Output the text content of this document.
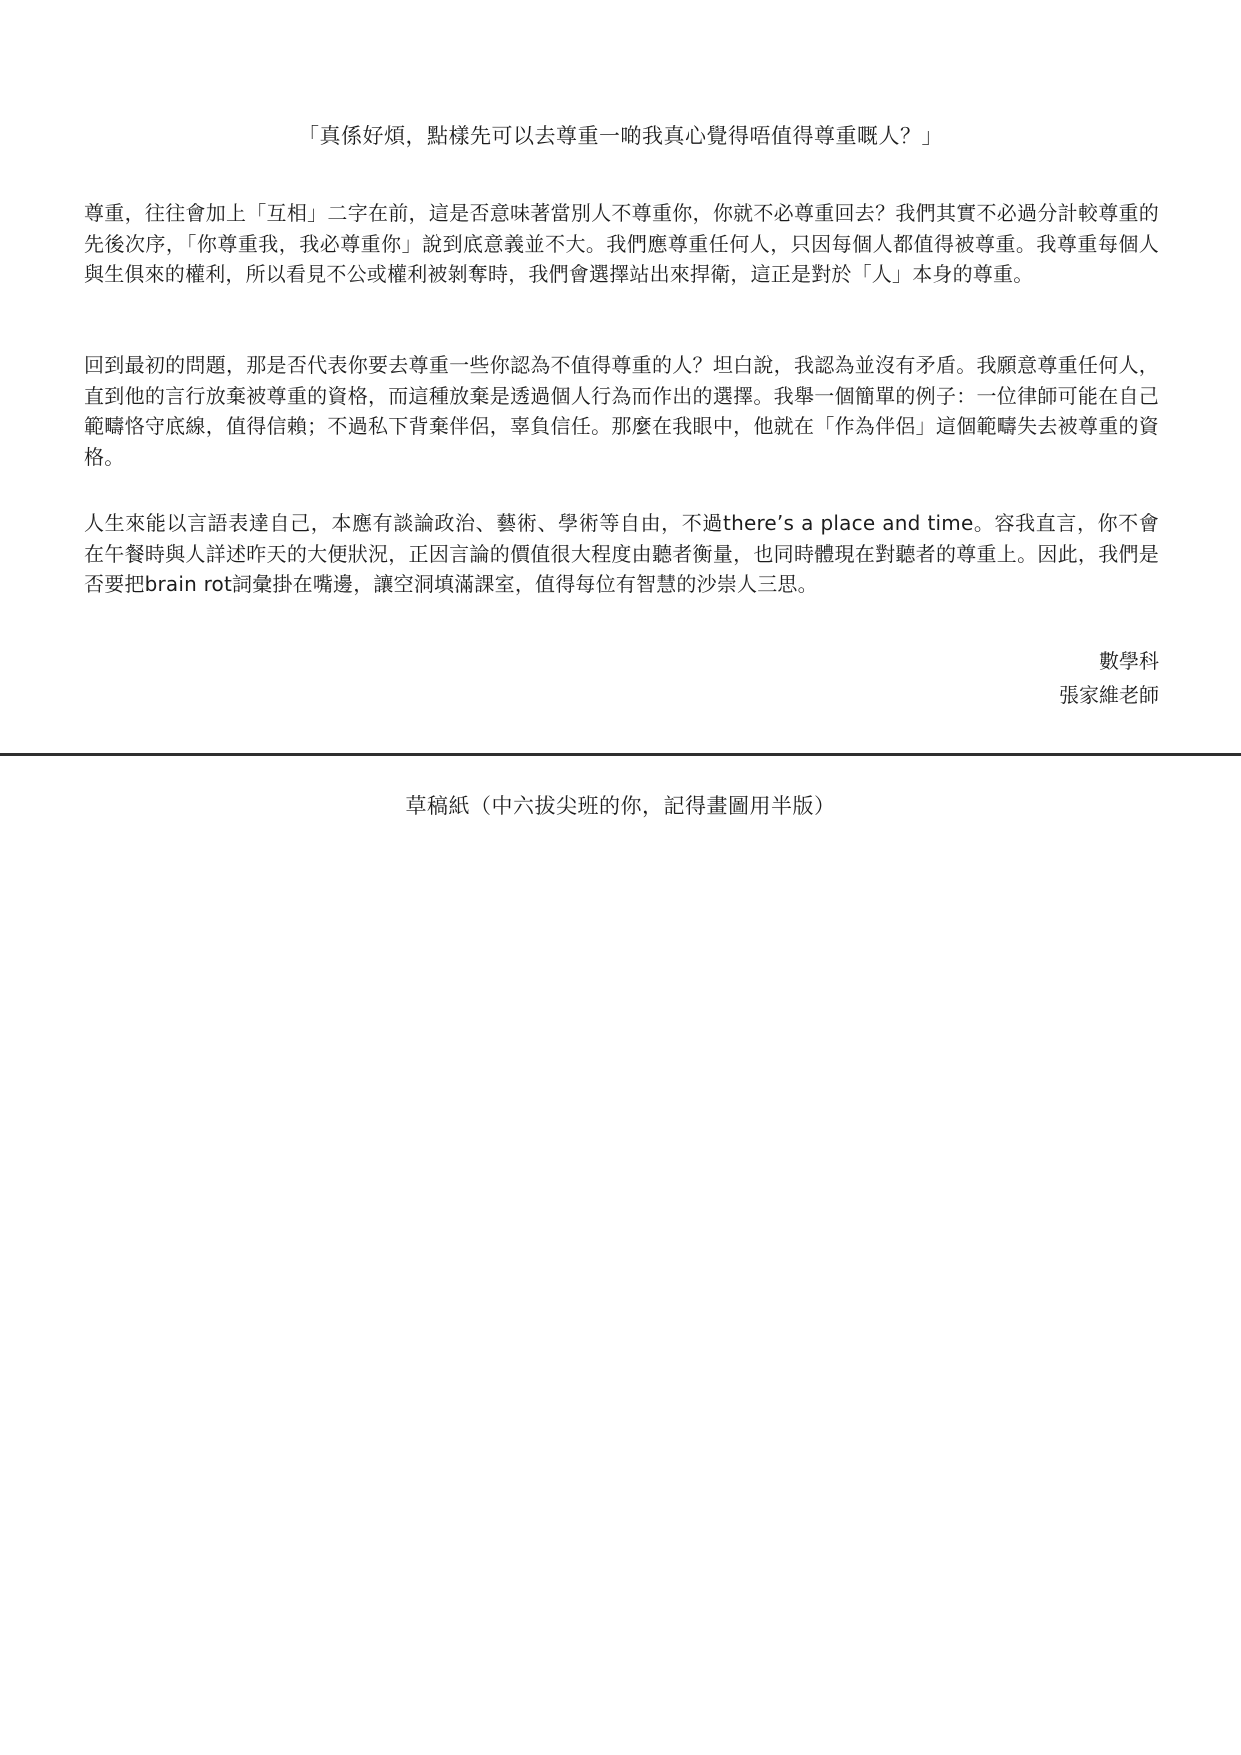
「真係好煩，點樣先可以去尊重一啲我真心覺得唔值得尊重嘅人？」

尊重，往往會加上「互相」二字在前，這是否意味著當別人不尊重你，你就不必尊重回去？我們其實不必過分計較尊重的先後次序，「你尊重我，我必尊重你」說到底意義並不大。我們應尊重任何人，只因每個人都值得被尊重。我尊重每個人與生俱來的權利，所以看見不公或權利被剝奪時，我們會選擇站出來捍衛，這正是對於「人」本身的尊重。

回到最初的問題，那是否代表你要去尊重一些你認為不值得尊重的人？坦白說，我認為並沒有矛盾。我願意尊重任何人，直到他的言行放棄被尊重的資格，而這種放棄是透過個人行為而作出的選擇。我舉一個簡單的例子：一位律師可能在自己範疇恪守底線，值得信賴；不過私下背棄伴侶，辜負信任。那麼在我眼中，他就在「作為伴侶」這個範疇失去被尊重的資格。

人生來能以言語表達自己，本應有談論政治、藝術、學術等自由，不過there’s a place and time。容我直言，你不會在午餐時與人詳述昨天的大便狀況，正因言論的價值很大程度由聽者衡量，也同時體現在對聽者的尊重上。因此，我們是否要把brain rot詞彙掛在嘴邊，讓空洞填滿課室，值得每位有智慧的沙崇人三思。

數學科
張家維老師
草稿紙（中六拔尖班的你，記得畫圖用半版）
